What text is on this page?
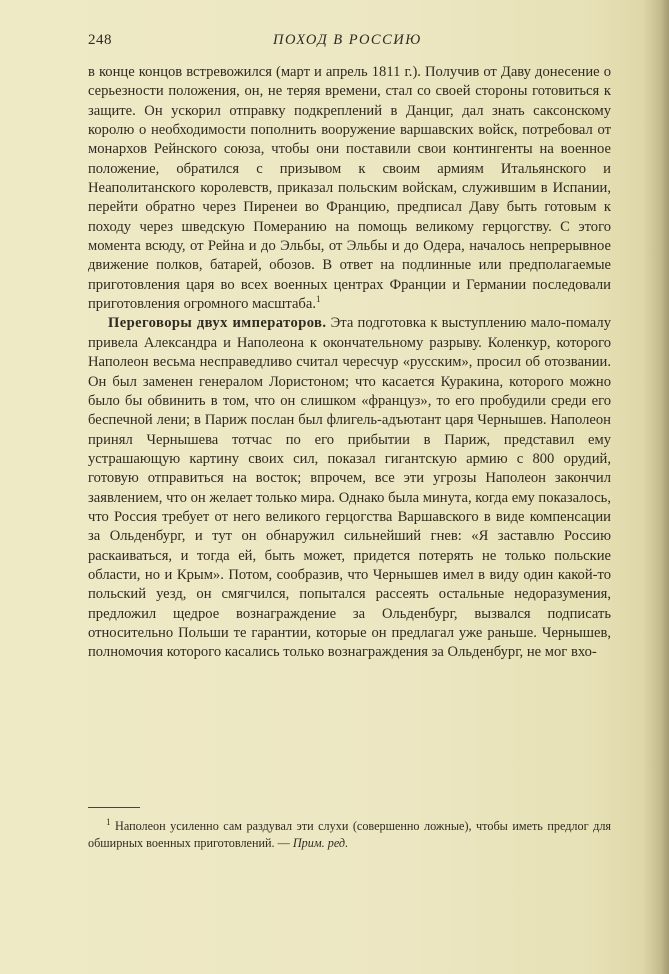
248	ПОХОД В РОССИЮ

в конце концов встревожился (март и апрель 1811 г.). Получив от Даву донесение о серьезности положения, он, не теряя времени, стал со своей стороны готовиться к защите. Он ускорил отправку подкреплений в Данциг, дал знать саксонскому королю о необходимости пополнить вооружение варшавских войск, потребовал от монархов Рейнского союза, чтобы они поставили свои контингенты на военное положение, обратился с призывом к своим армиям Итальянского и Неаполитанского королевств, приказал польским войскам, служившим в Испании, перейти обратно через Пиренеи во Францию, предписал Даву быть готовым к походу через шведскую Померанию на помощь великому герцогству. С этого момента всюду, от Рейна и до Эльбы, от Эльбы и до Одера, началось непрерывное движение полков, батарей, обозов. В ответ на подлинные или предполагаемые приготовления царя во всех военных центрах Франции и Германии последовали приготовления огромного масштаба.$^1$

Переговоры двух императоров. Эта подготовка к выступлению мало-помалу привела Александра и Наполеона к окончательному разрыву. Коленкур, которого Наполеон весьма несправедливо считал чересчур «русским», просил об отозвании. Он был заменен генералом Лористоном; что касается Куракина, которого можно было бы обвинить в том, что он слишком «француз», то его пробудили среди его беспечной лени; в Париж послан был флигель-адъютант царя Чернышев. Наполеон принял Чернышева тотчас по его прибытии в Париж, представил ему устрашающую картину своих сил, показал гигантскую армию с 800 орудий, готовую отправиться на восток; впрочем, все эти угрозы Наполеон закончил заявлением, что он желает только мира. Однако была минута, когда ему показалось, что Россия требует от него великого герцогства Варшавского в виде компенсации за Ольденбург, и тут он обнаружил сильнейший гнев: «Я заставлю Россию раскаиваться, и тогда ей, быть может, придется потерять не только польские области, но и Крым». Потом, сообразив, что Чернышев имел в виду один какой-то польский уезд, он смягчился, попытался рассеять остальные недоразумения, предложил щедрое вознаграждение за Ольденбург, вызвался подписать относительно Польши те гарантии, которые он предлагал уже раньше. Чернышев, полномочия которого касались только вознаграждения за Ольденбург, не мог вхо-

$^1$ Наполеон усиленно сам раздувал эти слухи (совершенно ложные), чтобы иметь предлог для обширных военных приготовлений. — Прим. ред.
